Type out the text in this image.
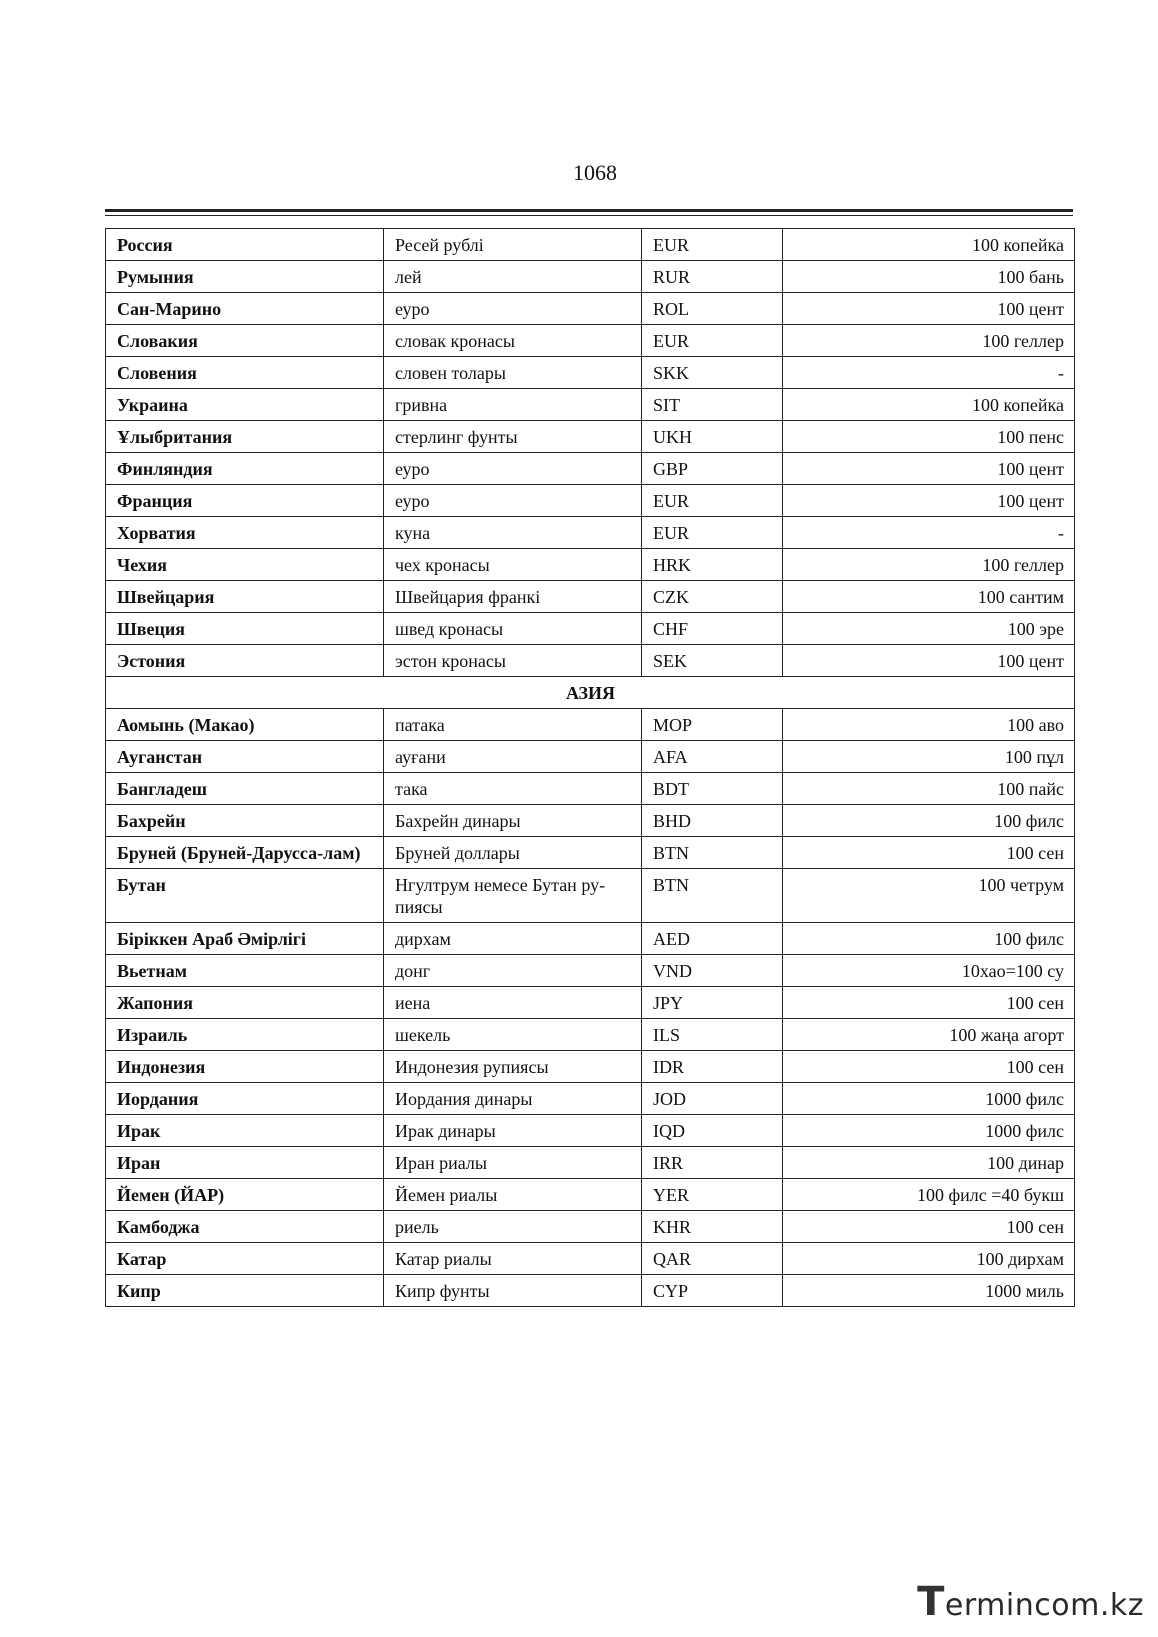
1068
Россия	Ресей рублі	EUR	100 копейка
Румыния	лей	RUR	100 бань
Сан-Марино	еуро	ROL	100 цент
Словакия	словак кронасы	EUR	100 геллер
Словения	словен толары	SKK	-
Украина	гривна	SIT	100 копейка
Ұлыбритания	стерлинг фунты	UKH	100 пенс
Финляндия	еуро	GBP	100 цент
Франция	еуро	EUR	100 цент
Хорватия	куна	EUR	-
Чехия	чех кронасы	HRK	100 геллер
Швейцария	Швейцария франкі	CZK	100 сантим
Швеция	швед кронасы	CHF	100 эре
Эстония	эстон кронасы	SEK	100 цент
АЗИЯ			
Аомынь (Макао)	патака	MOP	100 аво
Ауганстан	ауғани	AFA	100 пұл
Бангладеш	така	BDT	100 пайс
Бахрейн	Бахрейн динары	BHD	100 филс
Бруней (Бруней-Дарусса-лам)	Бруней доллары	BTN	100 сен
Бутан	Нгултрум немесе Бутан ру-пиясы	BTN	100 четрум
Біріккен Араб Әмірлігі	дирхам	AED	100 филс
Вьетнам	донг	VND	10хао=100 су
Жапония	иена	JPY	100 сен
Израиль	шекель	ILS	100 жаңа агорт
Индонезия	Индонезия рупиясы	IDR	100 сен
Иордания	Иордания динары	JOD	1000 филс
Ирак	Ирак динары	IQD	1000 филс
Иран	Иран риалы	IRR	100 динар
Йемен (ЙАР)	Йемен риалы	YER	100 филс =40 букш
Камбоджа	риель	KHR	100 сен
Катар	Катар риалы	QAR	100 дирхам
Кипр	Кипр фунты	CYP	1000 миль
Termincom.kz
